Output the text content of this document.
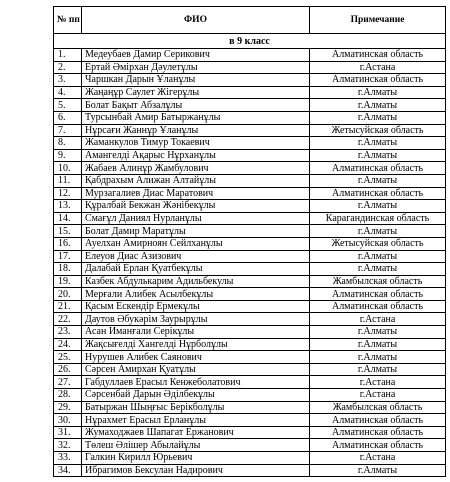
№ пп	ФИО	Примечание
в 9 класс		
1.	Медеубаев Дамир Серикович	Алматинская область
2.	Ертай Әмірхан Дәулетұлы	г.Астана
3.	Чаршкан Дарын Ұланұлы	Алматинская область
4.	Жаңаңұр Саулет Жігерұлы	г.Алматы
5.	Болат Бақыт Абзалұлы	г.Алматы
6.	Турсынбай Амир Батыржанұлы	г.Алматы
7.	Нұрсағи Жаннұр Ұланұлы	Жетысуйская область
8.	Жаманкулов Тимур Токаевич	г.Алматы
9.	Амангелді Ақарыс Нұрханұлы	г.Алматы
10.	Жабаев Алинұр Жамбулович	Алматинская область
11.	Қабдрахым Алижан Алтайұлы	г.Алматы
12.	Мурзагалиев Диас Маратович	Алматинская область
13.	Құралбай Бекжан Жәнібекұлы	г.Алматы
14.	Смағұл Даниял Нурланұлы	Карагандинская область
15.	Болат Дамир Маратұлы	г.Алматы
16.	Ауелхан Амирноян Сейлханұлы	Жетысуйская область
17.	Елеуов Диас Азизович	г.Алматы
18.	Далабай Ерлан Қуатбекұлы	г.Алматы
19.	Казбек Абдулькарим Адильбекулы	Жамбылская область
20.	Мерғали Алибек Асылбекұлы	Алматинская область
21.	Қасым Ескендір Ермекұлы	Алматинская область
22.	Даутов Әбукәрім Заурырұлы	г.Астана
23.	Асан Иманғали Серікұлы	г.Алматы
24.	Жақсығелді Хангелді Нұрболұлы	г.Алматы
25.	Нурушев Алибек Саянович	г.Алматы
26.	Сәрсен Амирхан Қуатұлы	г.Алматы
27.	Габдуллаев Ерасыл Кенжеболатович	г.Астана
28.	Сәрсенбай Дарын Әділбекұлы	г.Астана
29.	Батыржан Шыңғыс Берікболұлы	Жамбылская область
30.	Нұрахмет Ерасыл Ерланұлы	Алматинская область
31.	Жумаходжаев Шапагат Ержанович	Алматинская область
32.	Төлеш Әлішер Абылайұлы	Алматинская область
33.	Галкин Кирилл Юрьевич	г.Астана
34.	Ибрагимов Бексулан Надирович	г.Алматы
